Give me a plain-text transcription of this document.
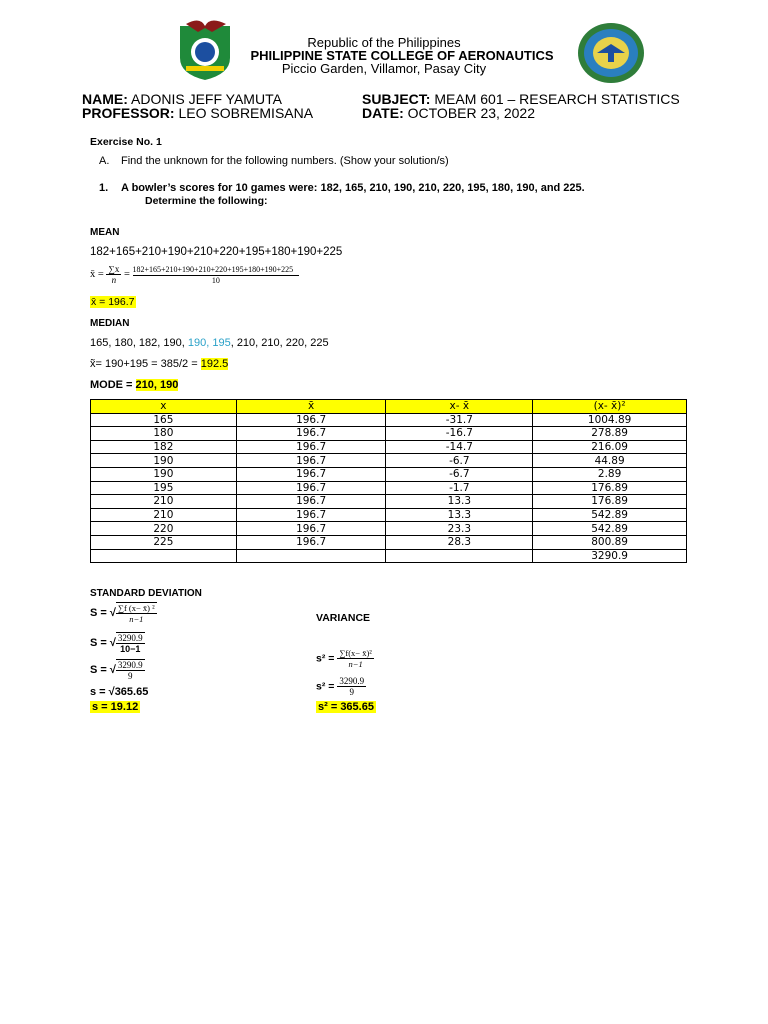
Republic of the Philippines
PHILIPPINE STATE COLLEGE OF AERONAUTICS
Piccio Garden, Villamor, Pasay City
NAME: ADONIS JEFF YAMUTA
PROFESSOR: LEO SOBREMISANA
SUBJECT: MEAM 601 – RESEARCH STATISTICS
DATE: OCTOBER 23, 2022
Exercise No. 1
A. Find the unknown for the following numbers. (Show your solution/s)
1. A bowler’s scores for 10 games were: 182, 165, 210, 190, 210, 220, 195, 180, 190, and 225.
Determine the following:
MEAN
182+165+210+190+210+220+195+180+190+225
x̄ = $\frac{\sum x}{n} = \frac{182+165+210+190+210+220+195+180+190+225}{10}$
x̄ = 196.7
MEDIAN
165, 180, 182, 190, 190, 195, 210, 210, 220, 225
x̃= 190+195 = 385/2 = 192.5
MODE = 210, 190
x	x̄	x- x̄	(x- x̄)²
165	196.7	-31.7	1004.89
180	196.7	-16.7	278.89
182	196.7	-14.7	216.09
190	196.7	-6.7	44.89
190	196.7	-6.7	2.89
195	196.7	-1.7	176.89
210	196.7	13.3	176.89
210	196.7	13.3	542.89
220	196.7	23.3	542.89
225	196.7	28.3	800.89
			3290.9
STANDARD DEVIATION
S = √ $\frac{\text{∑f (x− x̄) ²}}{n-1}$
S = √ $\frac{3290.9}{10-1}$
S = √ $\frac{3290.9}{9}$
s = √365.65
s = 19.12
VARIANCE
$s^2 = \frac{\text{∑f(x− x̄)²}}{n-1}$
$s^2 = \frac{3290.9}{9}$
s² = 365.65
